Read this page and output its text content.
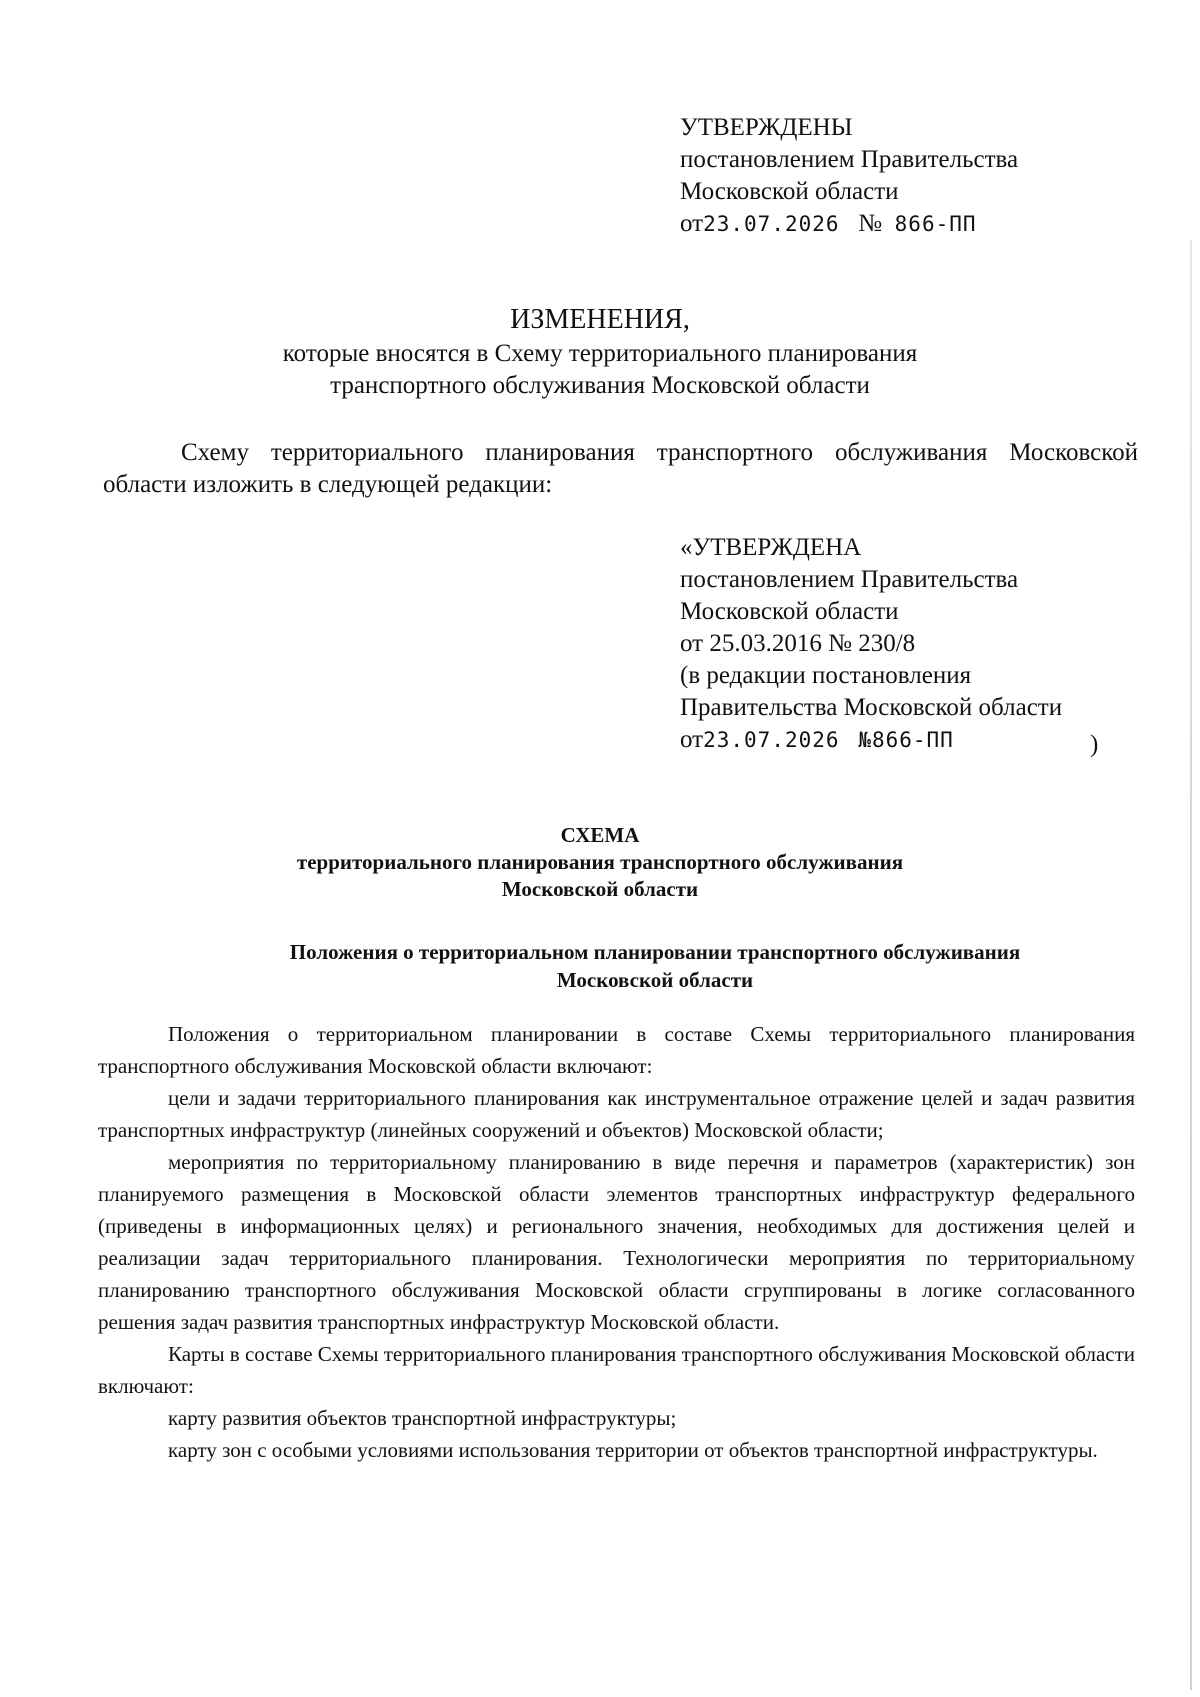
УТВЕРЖДЕНЫ
постановлением Правительства
Московской области
от23.07.2026 № 866-ПП
ИЗМЕНЕНИЯ,
которые вносятся в Схему территориального планирования
транспортного обслуживания Московской области
Схему территориального планирования транспортного обслуживания Московской области изложить в следующей редакции:
«УТВЕРЖДЕНА
постановлением Правительства
Московской области
от 25.03.2016 № 230/8
(в редакции постановления
Правительства Московской области
от23.07.2026 №866-ПП	)
СХЕМА
территориального планирования транспортного обслуживания
Московской области
Положения о территориальном планировании транспортного обслуживания
Московской области

Положения о территориальном планировании в составе Схемы территориального планирования транспортного обслуживания Московской области включают:

цели и задачи территориального планирования как инструментальное отражение целей и задач развития транспортных инфраструктур (линейных сооружений и объектов) Московской области;

мероприятия по территориальному планированию в виде перечня и параметров (характеристик) зон планируемого размещения в Московской области элементов транспортных инфраструктур федерального (приведены в информационных целях) и регионального значения, необходимых для достижения целей и реализации задач территориального планирования. Технологически мероприятия по территориальному планированию транспортного обслуживания Московской области сгруппированы в логике согласованного решения задач развития транспортных инфраструктур Московской области.

Карты в составе Схемы территориального планирования транспортного обслуживания Московской области включают:

карту развития объектов транспортной инфраструктуры;

карту зон с особыми условиями использования территории от объектов транспортной инфраструктуры.
